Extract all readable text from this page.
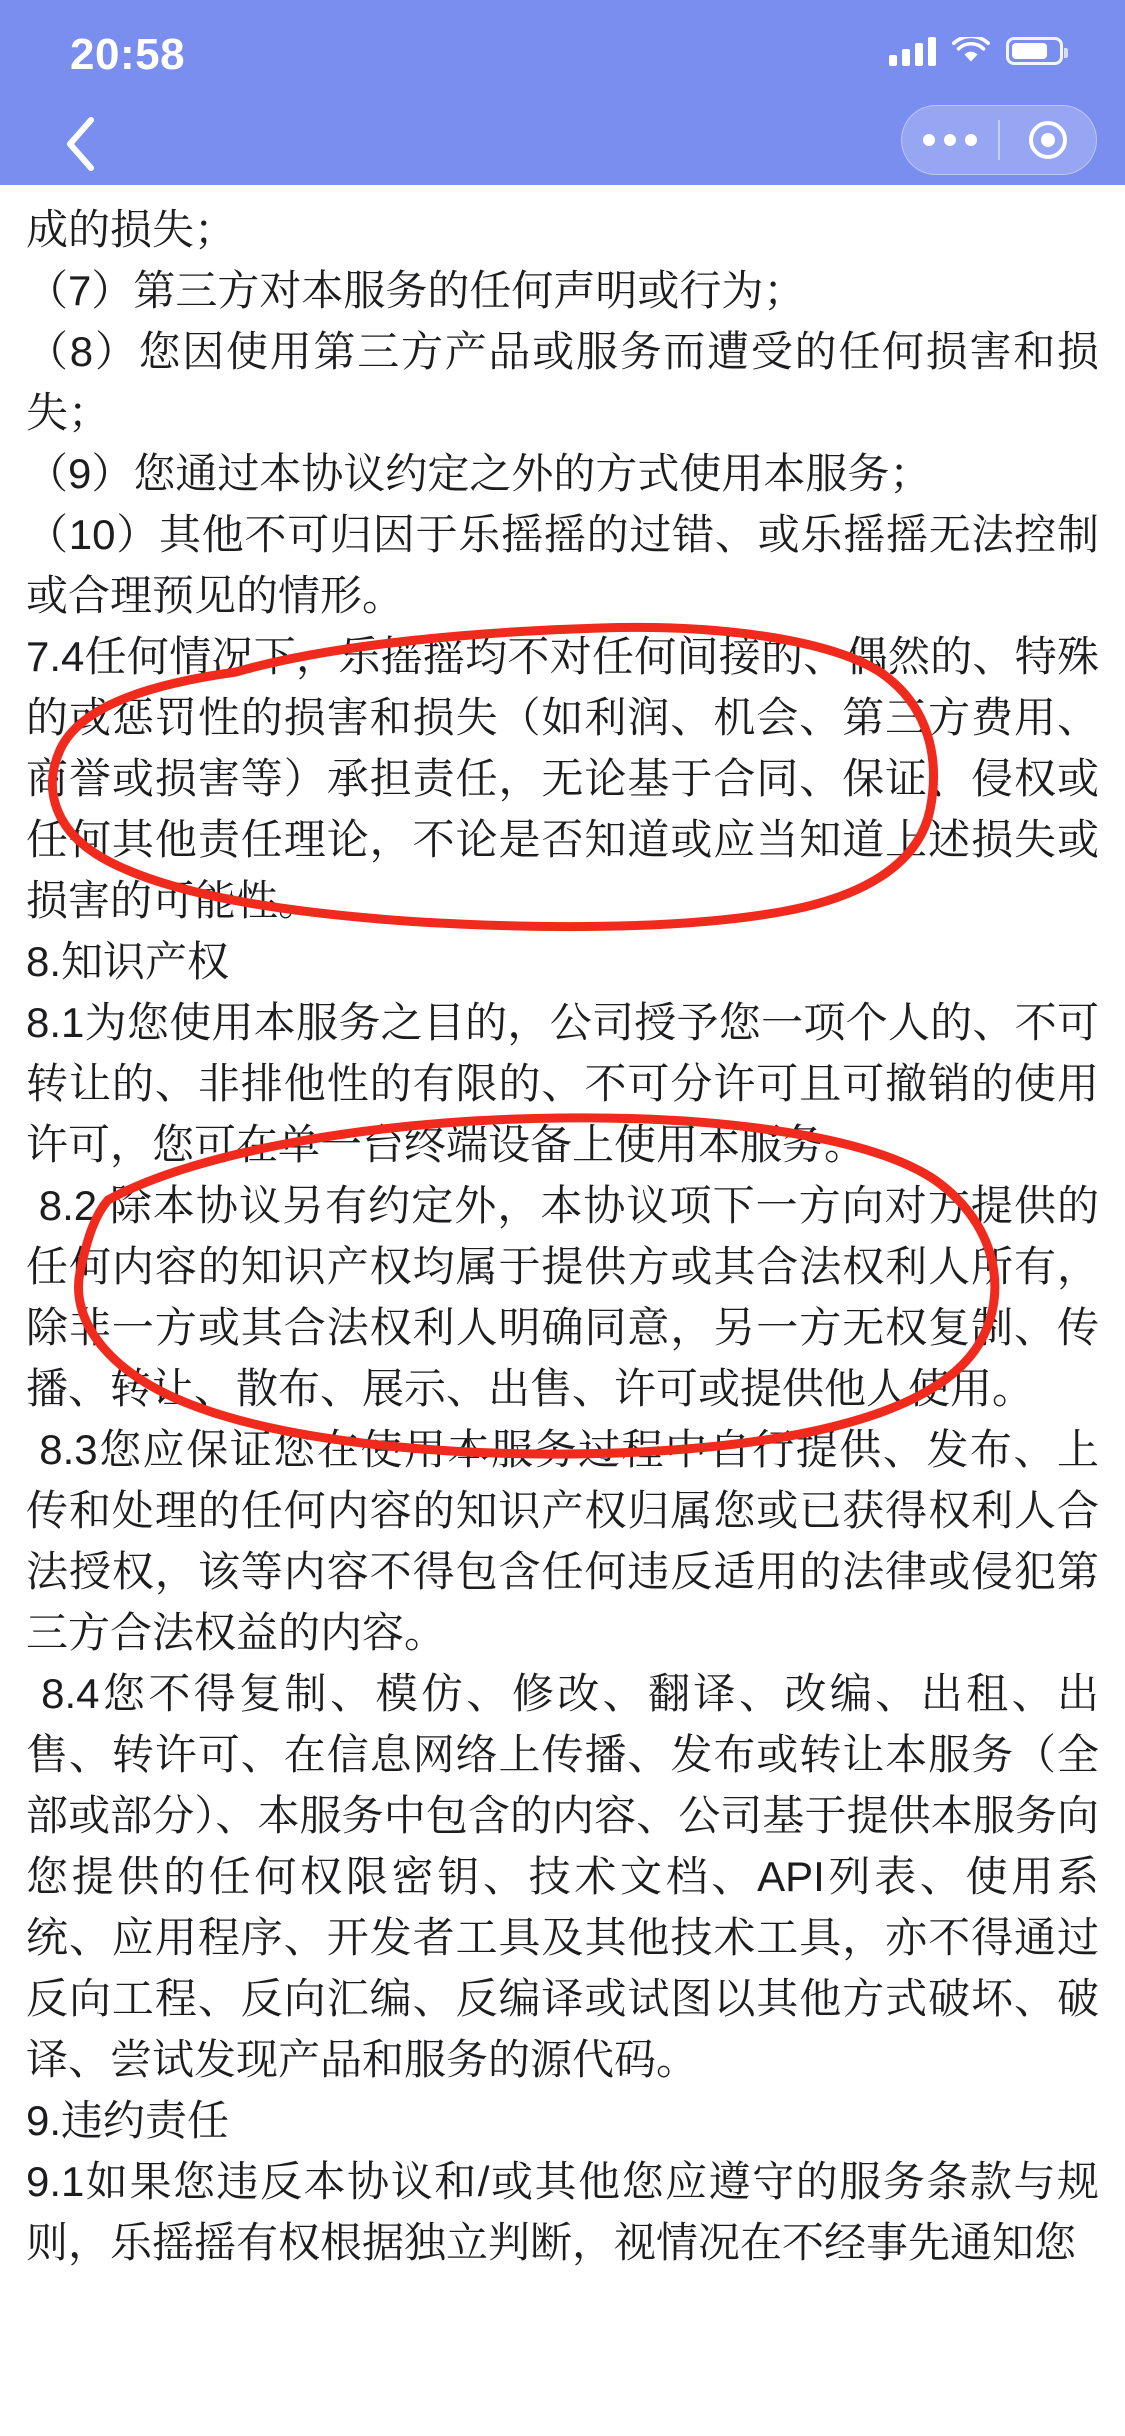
20:58

成的损失；

（7）第三方对本服务的任何声明或行为；

（8）您因使用第三方产品或服务而遭受的任何损害和损失；

（9）您通过本协议约定之外的方式使用本服务；

（10）其他不可归因于乐摇摇的过错、或乐摇摇无法控制或合理预见的情形。

7.4任何情况下，乐摇摇均不对任何间接的、偶然的、特殊的或惩罚性的损害和损失（如利润、机会、第三方费用、商誉或损害等）承担责任，无论基于合同、保证、侵权或任何其他责任理论，不论是否知道或应当知道上述损失或损害的可能性。

8.知识产权

8.1为您使用本服务之目的，公司授予您一项个人的、不可转让的、非排他性的有限的、不可分许可且可撤销的使用许可，您可在单一台终端设备上使用本服务。

8.2 除本协议另有约定外，本协议项下一方向对方提供的任何内容的知识产权均属于提供方或其合法权利人所有，除非一方或其合法权利人明确同意，另一方无权复制、传播、转让、散布、展示、出售、许可或提供他人使用。

8.3您应保证您在使用本服务过程中自行提供、发布、上传和处理的任何内容的知识产权归属您或已获得权利人合法授权，该等内容不得包含任何违反适用的法律或侵犯第三方合法权益的内容。

8.4您不得复制、模仿、修改、翻译、改编、出租、出售、转许可、在信息网络上传播、发布或转让本服务（全部或部分）、本服务中包含的内容、公司基于提供本服务向您提供的任何权限密钥、技术文档、API列表、使用系统、应用程序、开发者工具及其他技术工具，亦不得通过反向工程、反向汇编、反编译或试图以其他方式破坏、破译、尝试发现产品和服务的源代码。

9.违约责任

9.1如果您违反本协议和/或其他您应遵守的服务条款与规则，乐摇摇有权根据独立判断，视情况在不经事先通知您
